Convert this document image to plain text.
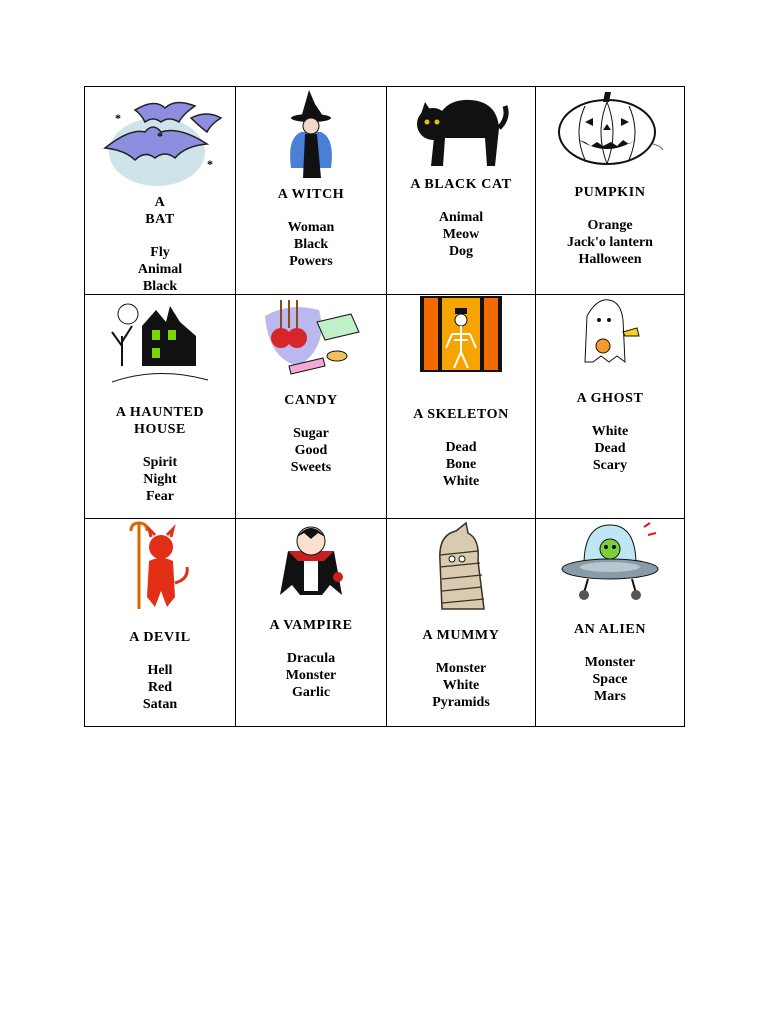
*
*
*
A
BAT
Fly
Animal
Black
A WITCH
Woman
Black
Powers
A BLACK CAT
Animal
Meow
Dog
PUMPKIN
Orange
Jack'o lantern
Halloween
A HAUNTED
HOUSE
Spirit
Night
Fear
CANDY
Sugar
Good
Sweets
A SKELETON
Dead
Bone
White
A GHOST
White
Dead
Scary
A DEVIL
Hell
Red
Satan
A VAMPIRE
Dracula
Monster
Garlic
A MUMMY
Monster
White
Pyramids
AN ALIEN
Monster
Space
Mars
